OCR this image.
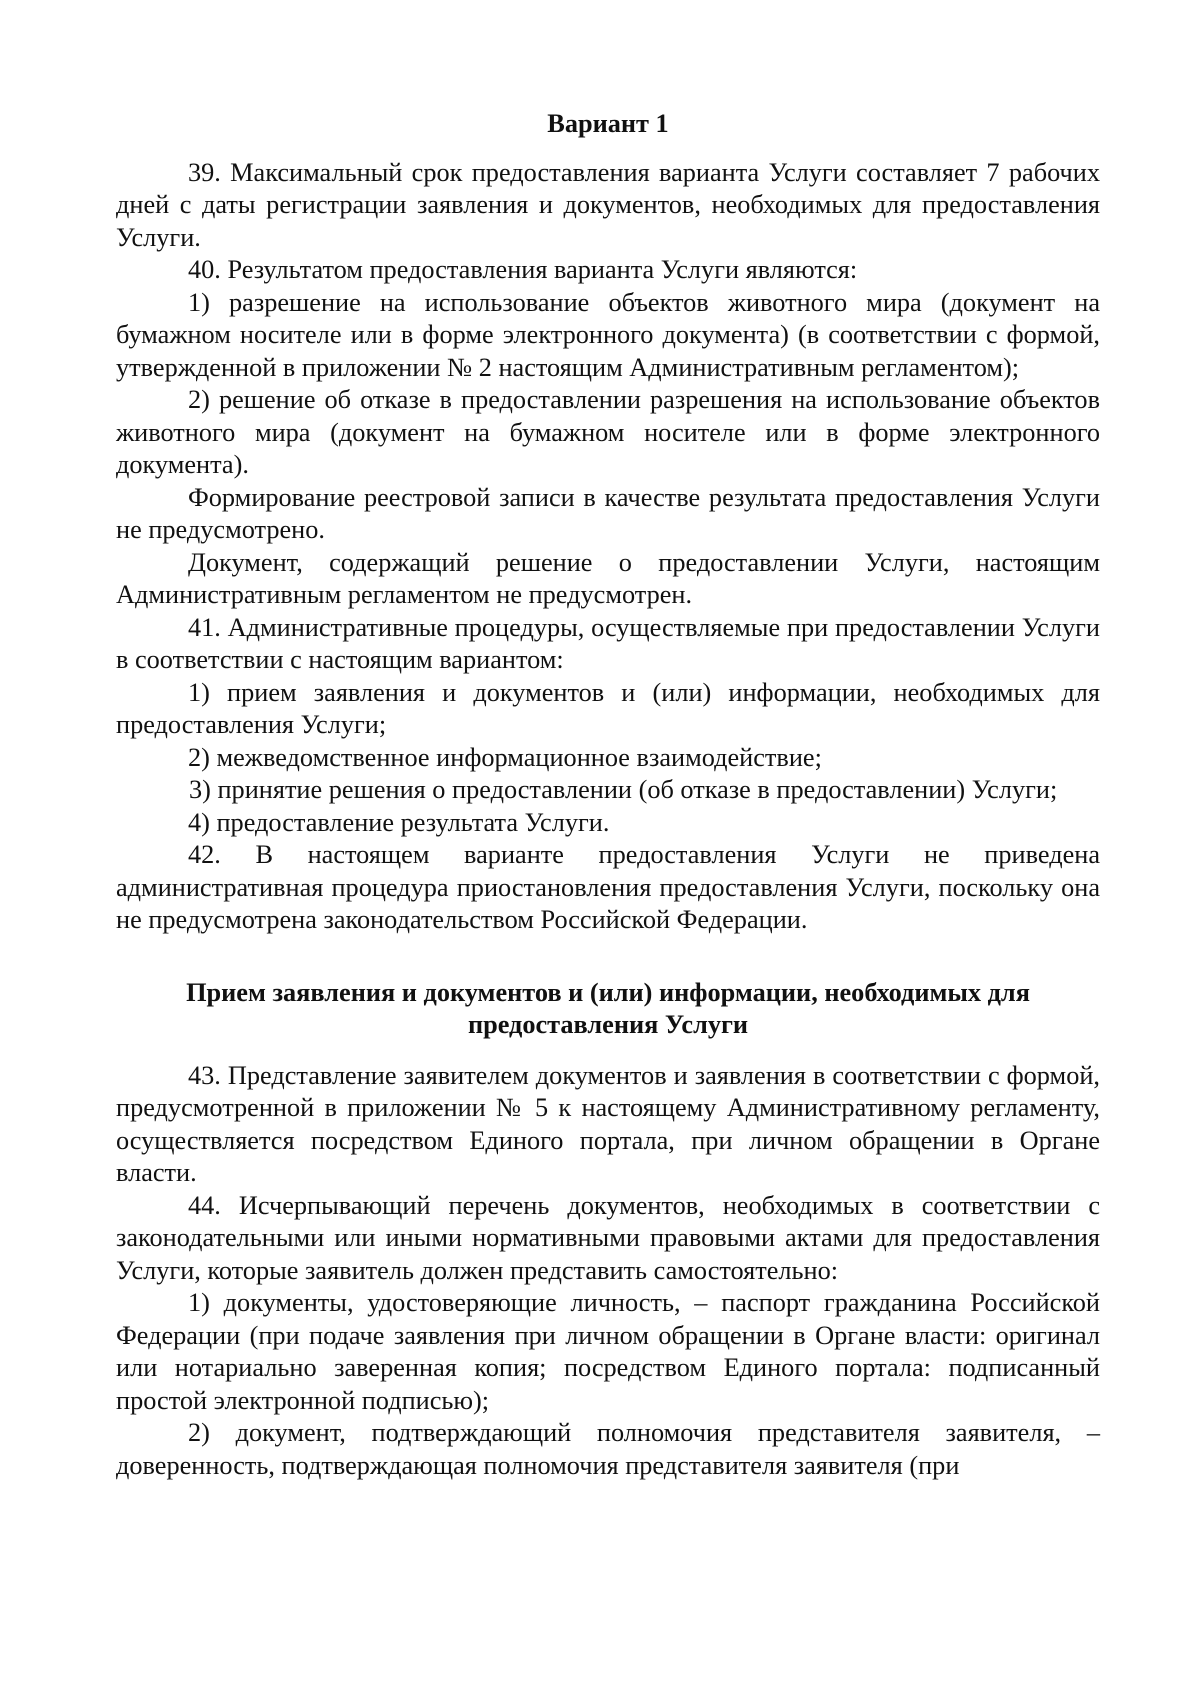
Вариант 1

39. Максимальный срок предоставления варианта Услуги составляет 7 рабочих дней с даты регистрации заявления и документов, необходимых для предоставления Услуги.

40. Результатом предоставления варианта Услуги являются:

1) разрешение на использование объектов животного мира (документ на бумажном носителе или в форме электронного документа) (в соответствии с формой, утвержденной в приложении № 2 настоящим Административным регламентом);

2) решение об отказе в предоставлении разрешения на использование объектов животного мира (документ на бумажном носителе или в форме электронного документа).

Формирование реестровой записи в качестве результата предоставления Услуги не предусмотрено.

Документ, содержащий решение о предоставлении Услуги, настоящим Административным регламентом не предусмотрен.

41. Административные процедуры, осуществляемые при предоставлении Услуги в соответствии с настоящим вариантом:

1) прием заявления и документов и (или) информации, необходимых для предоставления Услуги;

2) межведомственное информационное взаимодействие;

3) принятие решения о предоставлении (об отказе в предоставлении) Услуги;

4) предоставление результата Услуги.

42. В настоящем варианте предоставления Услуги не приведена административная процедура приостановления предоставления Услуги, поскольку она не предусмотрена законодательством Российской Федерации.

Прием заявления и документов и (или) информации, необходимых для предоставления Услуги

43. Представление заявителем документов и заявления в соответствии с формой, предусмотренной в приложении № 5 к настоящему Административному регламенту, осуществляется посредством Единого портала, при личном обращении в Органе власти.

44. Исчерпывающий перечень документов, необходимых в соответствии с законодательными или иными нормативными правовыми актами для предоставления Услуги, которые заявитель должен представить самостоятельно:

1) документы, удостоверяющие личность, – паспорт гражданина Российской Федерации (при подаче заявления при личном обращении в Органе власти: оригинал или нотариально заверенная копия; посредством Единого портала: подписанный простой электронной подписью);

2) документ, подтверждающий полномочия представителя заявителя, – доверенность, подтверждающая полномочия представителя заявителя (при
